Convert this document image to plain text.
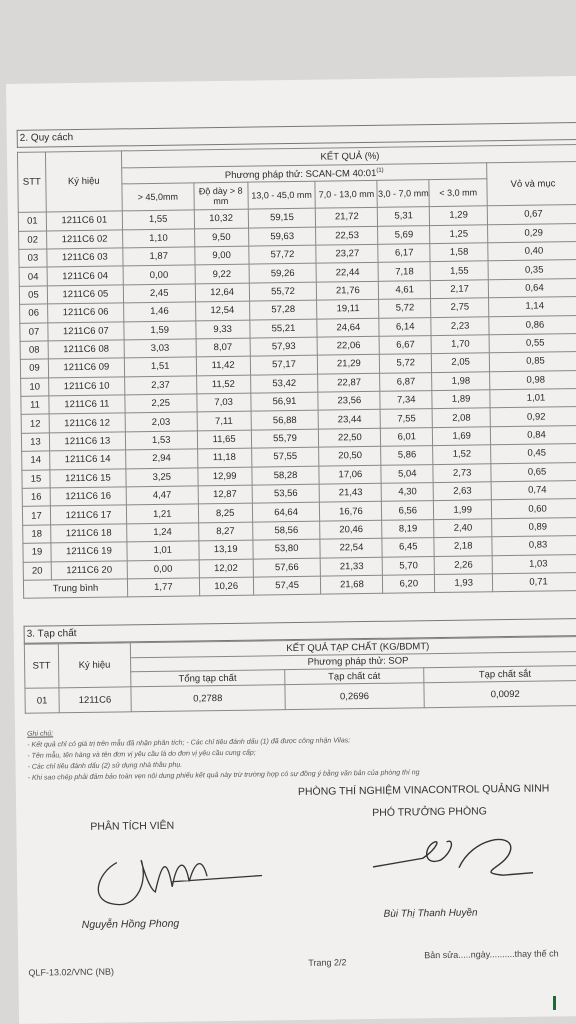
2. Quy cách
STT	Ký hiệu	KẾT QUẢ (%)						
		Phương pháp thử: SCAN-CM 40:01$^{(1)}$						Vỏ và mục
		> 45,0mm	Độ dày > 8 mm	13,0 - 45,0 mm	7,0 - 13,0 mm	3,0 - 7,0 mm	< 3,0 mm	
01	1211C6 01	1,55	10,32	59,15	21,72	5,31	1,29	0,67
02	1211C6 02	1,10	9,50	59,63	22,53	5,69	1,25	0,29
03	1211C6 03	1,87	9,00	57,72	23,27	6,17	1,58	0,40
04	1211C6 04	0,00	9,22	59,26	22,44	7,18	1,55	0,35
05	1211C6 05	2,45	12,64	55,72	21,76	4,61	2,17	0,64
06	1211C6 06	1,46	12,54	57,28	19,11	5,72	2,75	1,14
07	1211C6 07	1,59	9,33	55,21	24,64	6,14	2,23	0,86
08	1211C6 08	3,03	8,07	57,93	22,06	6,67	1,70	0,55
09	1211C6 09	1,51	11,42	57,17	21,29	5,72	2,05	0,85
10	1211C6 10	2,37	11,52	53,42	22,87	6,87	1,98	0,98
11	1211C6 11	2,25	7,03	56,91	23,56	7,34	1,89	1,01
12	1211C6 12	2,03	7,11	56,88	23,44	7,55	2,08	0,92
13	1211C6 13	1,53	11,65	55,79	22,50	6,01	1,69	0,84
14	1211C6 14	2,94	11,18	57,55	20,50	5,86	1,52	0,45
15	1211C6 15	3,25	12,99	58,28	17,06	5,04	2,73	0,65
16	1211C6 16	4,47	12,87	53,56	21,43	4,30	2,63	0,74
17	1211C6 17	1,21	8,25	64,64	16,76	6,56	1,99	0,60
18	1211C6 18	1,24	8,27	58,56	20,46	8,19	2,40	0,89
19	1211C6 19	1,01	13,19	53,80	22,54	6,45	2,18	0,83
20	1211C6 20	0,00	12,02	57,66	21,33	5,70	2,26	1,03
Trung bình		1,77	10,26	57,45	21,68	6,20	1,93	0,71
3. Tạp chất
STT	Ký hiệu	KẾT QUẢ TẠP CHẤT (KG/BDMT)		
		Phương pháp thử: SOP		
		Tổng tạp chất	Tạp chất cát	Tạp chất sắt
01	1211C6	0,2788	0,2696	0,0092
Ghi chú:
- Kết quả chỉ có giá trị trên mẫu đã nhận phân tích; - Các chỉ tiêu đánh dấu (1) đã được công nhận Vilas;
- Tên mẫu, tên hàng và tên đơn vị yêu cầu là do đơn vị yêu cầu cung cấp;
- Các chỉ tiêu đánh dấu (2) sử dụng nhà thầu phụ.
- Khi sao chép phải đảm bảo toàn vẹn nội dung phiếu kết quả này trừ trường hợp có sự đồng ý bằng văn bản của phòng thí ng
PHÒNG THÍ NGHIỆM VINACONTROL QUẢNG NINH
PHÓ TRƯỞNG PHÒNG
PHÂN TÍCH VIÊN
Nguyễn Hồng Phong
Bùi Thị Thanh Huyền
QLF-13.02/VNC (NB)
Trang 2/2
Bản sửa.....ngày..........thay thế ch
